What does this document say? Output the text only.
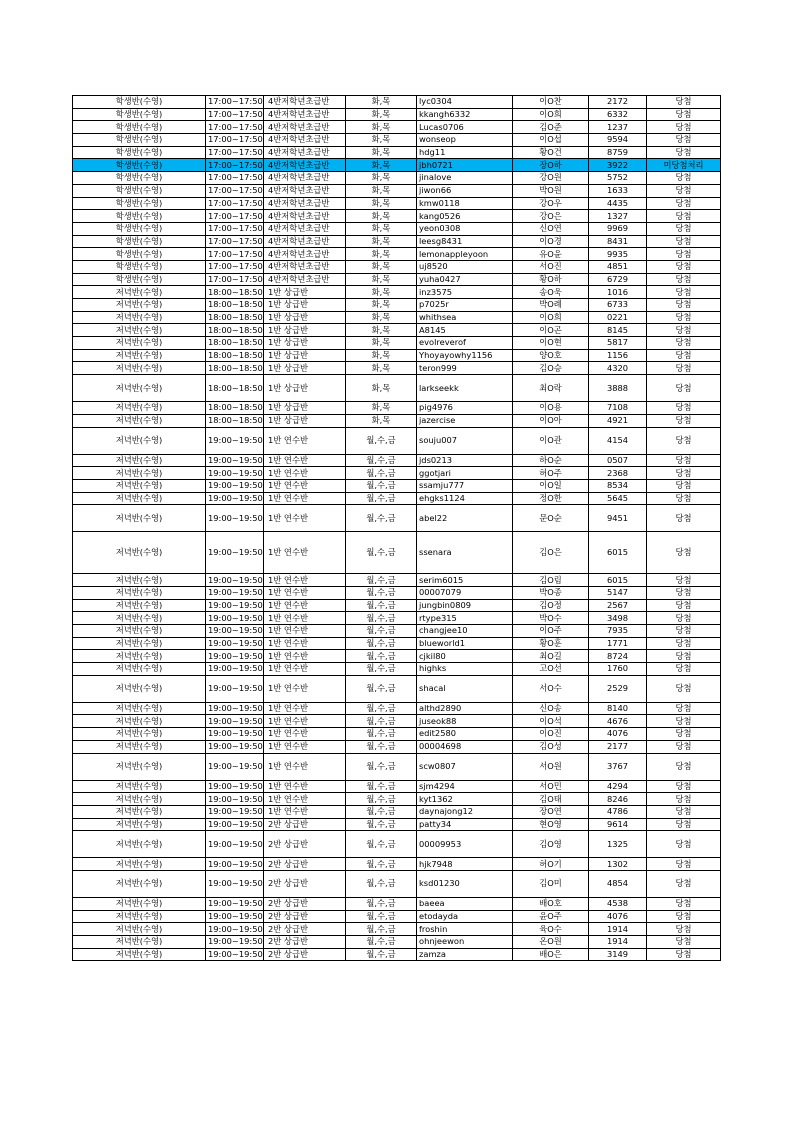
학생반(수영)	17:00~17:50	4반저학년초급반	화,목	lyc0304	이O찬	2172	당첨
학생반(수영)	17:00~17:50	4반저학년초급반	화,목	kkangh6332	이O희	6332	당첨
학생반(수영)	17:00~17:50	4반저학년초급반	화,목	Lucas0706	김O준	1237	당첨
학생반(수영)	17:00~17:50	4반저학년초급반	화,목	wonseop	이O섭	9594	당첨
학생반(수영)	17:00~17:50	4반저학년초급반	화,목	hdg11	황O건	8759	당첨
학생반(수영)	17:00~17:50	4반저학년초급반	화,목	jbh0721	장O하	3922	미당첨처리
학생반(수영)	17:00~17:50	4반저학년초급반	화,목	jinalove	강O원	5752	당첨
학생반(수영)	17:00~17:50	4반저학년초급반	화,목	jiwon66	박O원	1633	당첨
학생반(수영)	17:00~17:50	4반저학년초급반	화,목	kmw0118	강O우	4435	당첨
학생반(수영)	17:00~17:50	4반저학년초급반	화,목	kang0526	강O은	1327	당첨
학생반(수영)	17:00~17:50	4반저학년초급반	화,목	yeon0308	신O연	9969	당첨
학생반(수영)	17:00~17:50	4반저학년초급반	화,목	leesg8431	이O경	8431	당첨
학생반(수영)	17:00~17:50	4반저학년초급반	화,목	lemonappleyoon	유O윤	9935	당첨
학생반(수영)	17:00~17:50	4반저학년초급반	화,목	uj8520	서O진	4851	당첨
학생반(수영)	17:00~17:50	4반저학년초급반	화,목	yuha0427	황O하	6729	당첨
저녁반(수영)	18:00~18:50	1반 상급반	화,목	inz3575	송O욱	1016	당첨
저녁반(수영)	18:00~18:50	1반 상급반	화,목	p7025r	박O례	6733	당첨
저녁반(수영)	18:00~18:50	1반 상급반	화,목	whithsea	이O희	0221	당첨
저녁반(수영)	18:00~18:50	1반 상급반	화,목	A8145	이O곤	8145	당첨
저녁반(수영)	18:00~18:50	1반 상급반	화,목	evolreverof	이O현	5817	당첨
저녁반(수영)	18:00~18:50	1반 상급반	화,목	Yhoyayowhy1156	양O호	1156	당첨
저녁반(수영)	18:00~18:50	1반 상급반	화,목	teron999	김O승	4320	당첨
저녁반(수영)	18:00~18:50	1반 상급반	화,목	larkseekk	최O락	3888	당첨
저녁반(수영)	18:00~18:50	1반 상급반	화,목	pig4976	이O용	7108	당첨
저녁반(수영)	18:00~18:50	1반 상급반	화,목	jazercise	이O아	4921	당첨
저녁반(수영)	19:00~19:50	1반 연수반	월,수,금	souju007	이O관	4154	당첨
저녁반(수영)	19:00~19:50	1반 연수반	월,수,금	jds0213	하O순	0507	당첨
저녁반(수영)	19:00~19:50	1반 연수반	월,수,금	ggotjari	허O주	2368	당첨
저녁반(수영)	19:00~19:50	1반 연수반	월,수,금	ssamju777	이O일	8534	당첨
저녁반(수영)	19:00~19:50	1반 연수반	월,수,금	ehgks1124	정O한	5645	당첨
저녁반(수영)	19:00~19:50	1반 연수반	월,수,금	abel22	문O순	9451	당첨
저녁반(수영)	19:00~19:50	1반 연수반	월,수,금	ssenara	김O은	6015	당첨
저녁반(수영)	19:00~19:50	1반 연수반	월,수,금	serim6015	김O림	6015	당첨
저녁반(수영)	19:00~19:50	1반 연수반	월,수,금	00007079	박O종	5147	당첨
저녁반(수영)	19:00~19:50	1반 연수반	월,수,금	jungbin0809	김O정	2567	당첨
저녁반(수영)	19:00~19:50	1반 연수반	월,수,금	rtype315	박O수	3498	당첨
저녁반(수영)	19:00~19:50	1반 연수반	월,수,금	changjee10	이O주	7935	당첨
저녁반(수영)	19:00~19:50	1반 연수반	월,수,금	blueworld1	황O훈	1771	당첨
저녁반(수영)	19:00~19:50	1반 연수반	월,수,금	cjkil80	최O길	8724	당첨
저녁반(수영)	19:00~19:50	1반 연수반	월,수,금	highks	고O선	1760	당첨
저녁반(수영)	19:00~19:50	1반 연수반	월,수,금	shacal	서O수	2529	당첨
저녁반(수영)	19:00~19:50	1반 연수반	월,수,금	althd2890	신O송	8140	당첨
저녁반(수영)	19:00~19:50	1반 연수반	월,수,금	juseok88	이O석	4676	당첨
저녁반(수영)	19:00~19:50	1반 연수반	월,수,금	edit2580	이O진	4076	당첨
저녁반(수영)	19:00~19:50	1반 연수반	월,수,금	00004698	김O성	2177	당첨
저녁반(수영)	19:00~19:50	1반 연수반	월,수,금	scw0807	서O원	3767	당첨
저녁반(수영)	19:00~19:50	1반 연수반	월,수,금	sjm4294	서O민	4294	당첨
저녁반(수영)	19:00~19:50	1반 연수반	월,수,금	kyt1362	김O태	8246	당첨
저녁반(수영)	19:00~19:50	1반 연수반	월,수,금	daynajong12	장O연	4786	당첨
저녁반(수영)	19:00~19:50	2반 상급반	월,수,금	patty34	현O영	9614	당첨
저녁반(수영)	19:00~19:50	2반 상급반	월,수,금	00009953	김O영	1325	당첨
저녁반(수영)	19:00~19:50	2반 상급반	월,수,금	hjk7948	허O기	1302	당첨
저녁반(수영)	19:00~19:50	2반 상급반	월,수,금	ksd01230	김O미	4854	당첨
저녁반(수영)	19:00~19:50	2반 상급반	월,수,금	baeea	배O호	4538	당첨
저녁반(수영)	19:00~19:50	2반 상급반	월,수,금	etodayda	윤O주	4076	당첨
저녁반(수영)	19:00~19:50	2반 상급반	월,수,금	froshin	육O수	1914	당첨
저녁반(수영)	19:00~19:50	2반 상급반	월,수,금	ohnjeewon	온O원	1914	당첨
저녁반(수영)	19:00~19:50	2반 상급반	월,수,금	zamza	배O은	3149	당첨
